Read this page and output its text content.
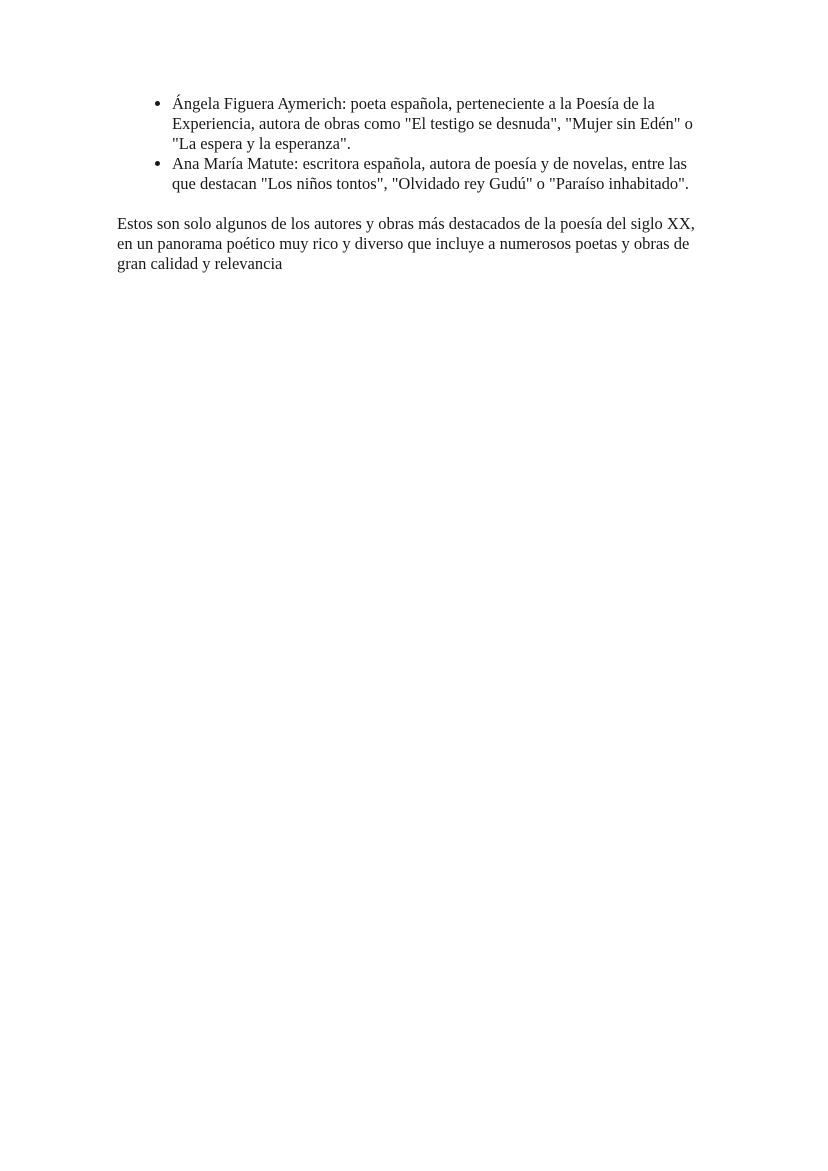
• Ángela Figuera Aymerich: poeta española, perteneciente a la Poesía de la Experiencia, autora de obras como "El testigo se desnuda", "Mujer sin Edén" o "La espera y la esperanza".
• Ana María Matute: escritora española, autora de poesía y de novelas, entre las que destacan "Los niños tontos", "Olvidado rey Gudú" o "Paraíso inhabitado".

Estos son solo algunos de los autores y obras más destacados de la poesía del siglo XX, en un panorama poético muy rico y diverso que incluye a numerosos poetas y obras de gran calidad y relevancia
